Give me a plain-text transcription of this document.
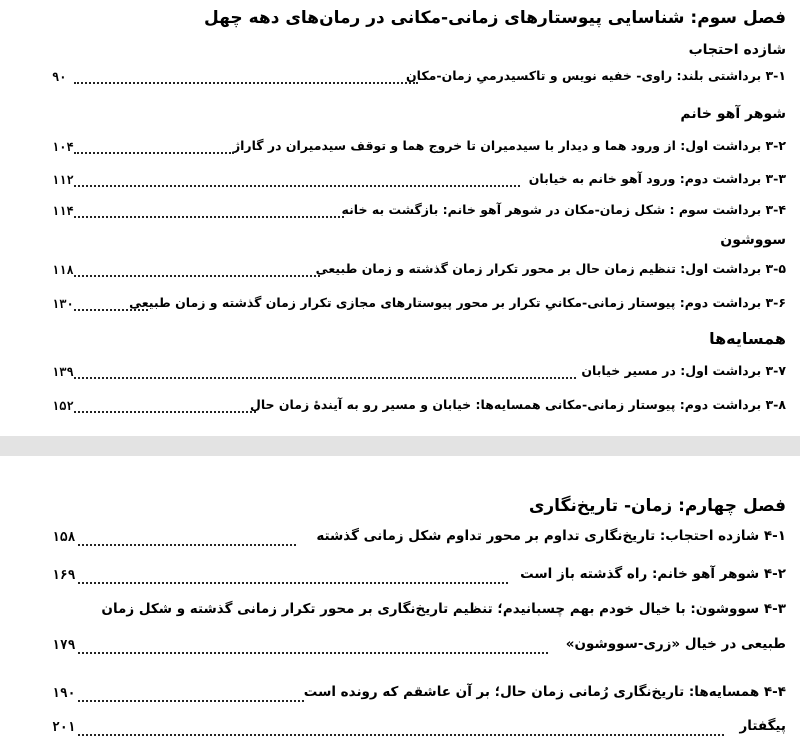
فصل سوم: شناسایی پیوستارهای زمانی-مکانی در رمان‌های دهه چهل
شازده احتجاب
۳-۱ برداشتی بلند: راوی- خفیه نویس و تاکسیدرمیِ زمان-مکان
۹۰
شوهر آهو خانم
۳-۲ برداشت اول: از ورود هما و دیدار با سیدمیران تا خروج هما و توقف سیدمیران در گاراژ
۱۰۴
۳-۳ برداشت دوم: ورود آهو خانم به خیابان
۱۱۲
۳-۴ برداشت سوم : شکل زمان-مکان در شوهر آهو خانم: بازگشت به خانه
۱۱۴
سووشون
۳-۵ برداشت اول: تنظیم زمان حال بر محور تکرار زمان گذشته و زمان طبیعی
۱۱۸
۳-۶ برداشت دوم: پیوستار زمانی-مکانیِ تکرار بر محور پیوستارهای مجازی تکرار زمان گذشته و زمان طبیعی
۱۳۰
همسایه‌ها
۳-۷ برداشت اول: در مسیر خیابان
۱۳۹
۳-۸ برداشت دوم: پیوستار زمانی-مکانی همسایه‌ها: خیابان و مسیر رو به آیندۀ زمان حال
۱۵۲
فصل چهارم: زمان- تاریخ‌نگاری
۴-۱ شازده احتجاب: تاریخ‌نگاری تداوم بر محور تداوم شکل زمانی گذشته
۱۵۸
۴-۲ شوهر آهو خانم: راه گذشته باز است
۱۶۹
۴-۳ سووشون: با خیال خودم بهم چسبانیدم؛ تنظیم تاریخ‌نگاری بر محور تکرار زمانی گذشته و شکل زمان
طبیعی در خیال «زری-سووشون»
۱۷۹
۴-۴ همسایه‌ها: تاریخ‌نگاری رُمانی زمان حال؛ بر آن عاشقم که رونده است
۱۹۰
پیگفتار
۲۰۱
